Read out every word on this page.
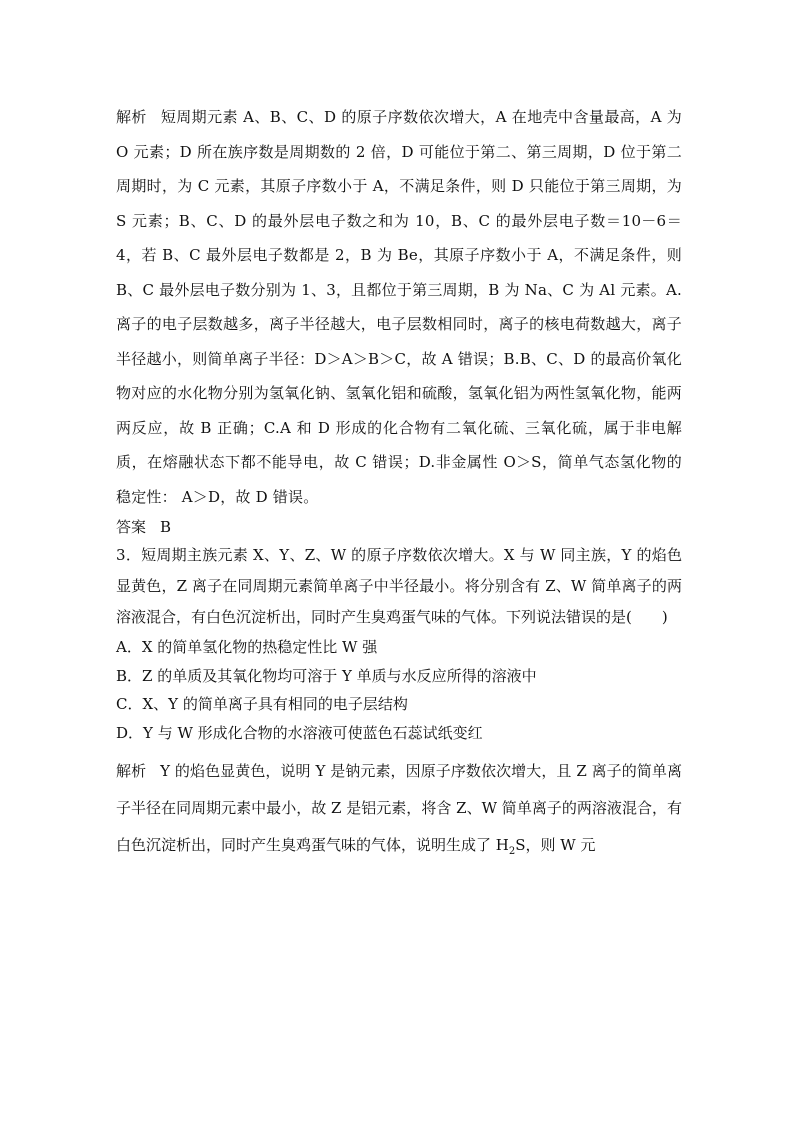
解析 短周期元素 A、B、C、D 的原子序数依次增大，A 在地壳中含量最高，A 为 O 元素；D 所在族序数是周期数的 2 倍，D 可能位于第二、第三周期，D 位于第二周期时，为 C 元素，其原子序数小于 A，不满足条件，则 D 只能位于第三周期，为 S 元素；B、C、D 的最外层电子数之和为 10，B、C 的最外层电子数＝10－6＝4，若 B、C 最外层电子数都是 2，B 为 Be，其原子序数小于 A，不满足条件，则 B、C 最外层电子数分别为 1、3，且都位于第三周期，B 为 Na、C 为 Al 元素。A.离子的电子层数越多，离子半径越大，电子层数相同时，离子的核电荷数越大，离子半径越小，则简单离子半径：D＞A＞B＞C，故 A 错误；B.B、C、D 的最高价氧化物对应的水化物分别为氢氧化钠、氢氧化铝和硫酸，氢氧化铝为两性氢氧化物，能两两反应，故 B 正确；C.A 和 D 形成的化合物有二氧化硫、三氧化硫，属于非电解质，在熔融状态下都不能导电，故 C 错误；D.非金属性 O＞S，简单气态氢化物的稳定性： A＞D，故 D 错误。

答案 B

3．短周期主族元素 X、Y、Z、W 的原子序数依次增大。X 与 W 同主族，Y 的焰色显黄色，Z 离子在同周期元素简单离子中半径最小。将分别含有 Z、W 简单离子的两溶液混合，有白色沉淀析出，同时产生臭鸡蛋气味的气体。下列说法错误的是(　　)

A．X 的简单氢化物的热稳定性比 W 强
B．Z 的单质及其氧化物均可溶于 Y 单质与水反应所得的溶液中
C．X、Y 的简单离子具有相同的电子层结构
D．Y 与 W 形成化合物的水溶液可使蓝色石蕊试纸变红

解析 Y 的焰色显黄色，说明 Y 是钠元素，因原子序数依次增大，且 Z 离子的简单离子半径在同周期元素中最小，故 Z 是铝元素，将含 Z、W 简单离子的两溶液混合，有白色沉淀析出，同时产生臭鸡蛋气味的气体，说明生成了 $H_2S$，则 W 元
